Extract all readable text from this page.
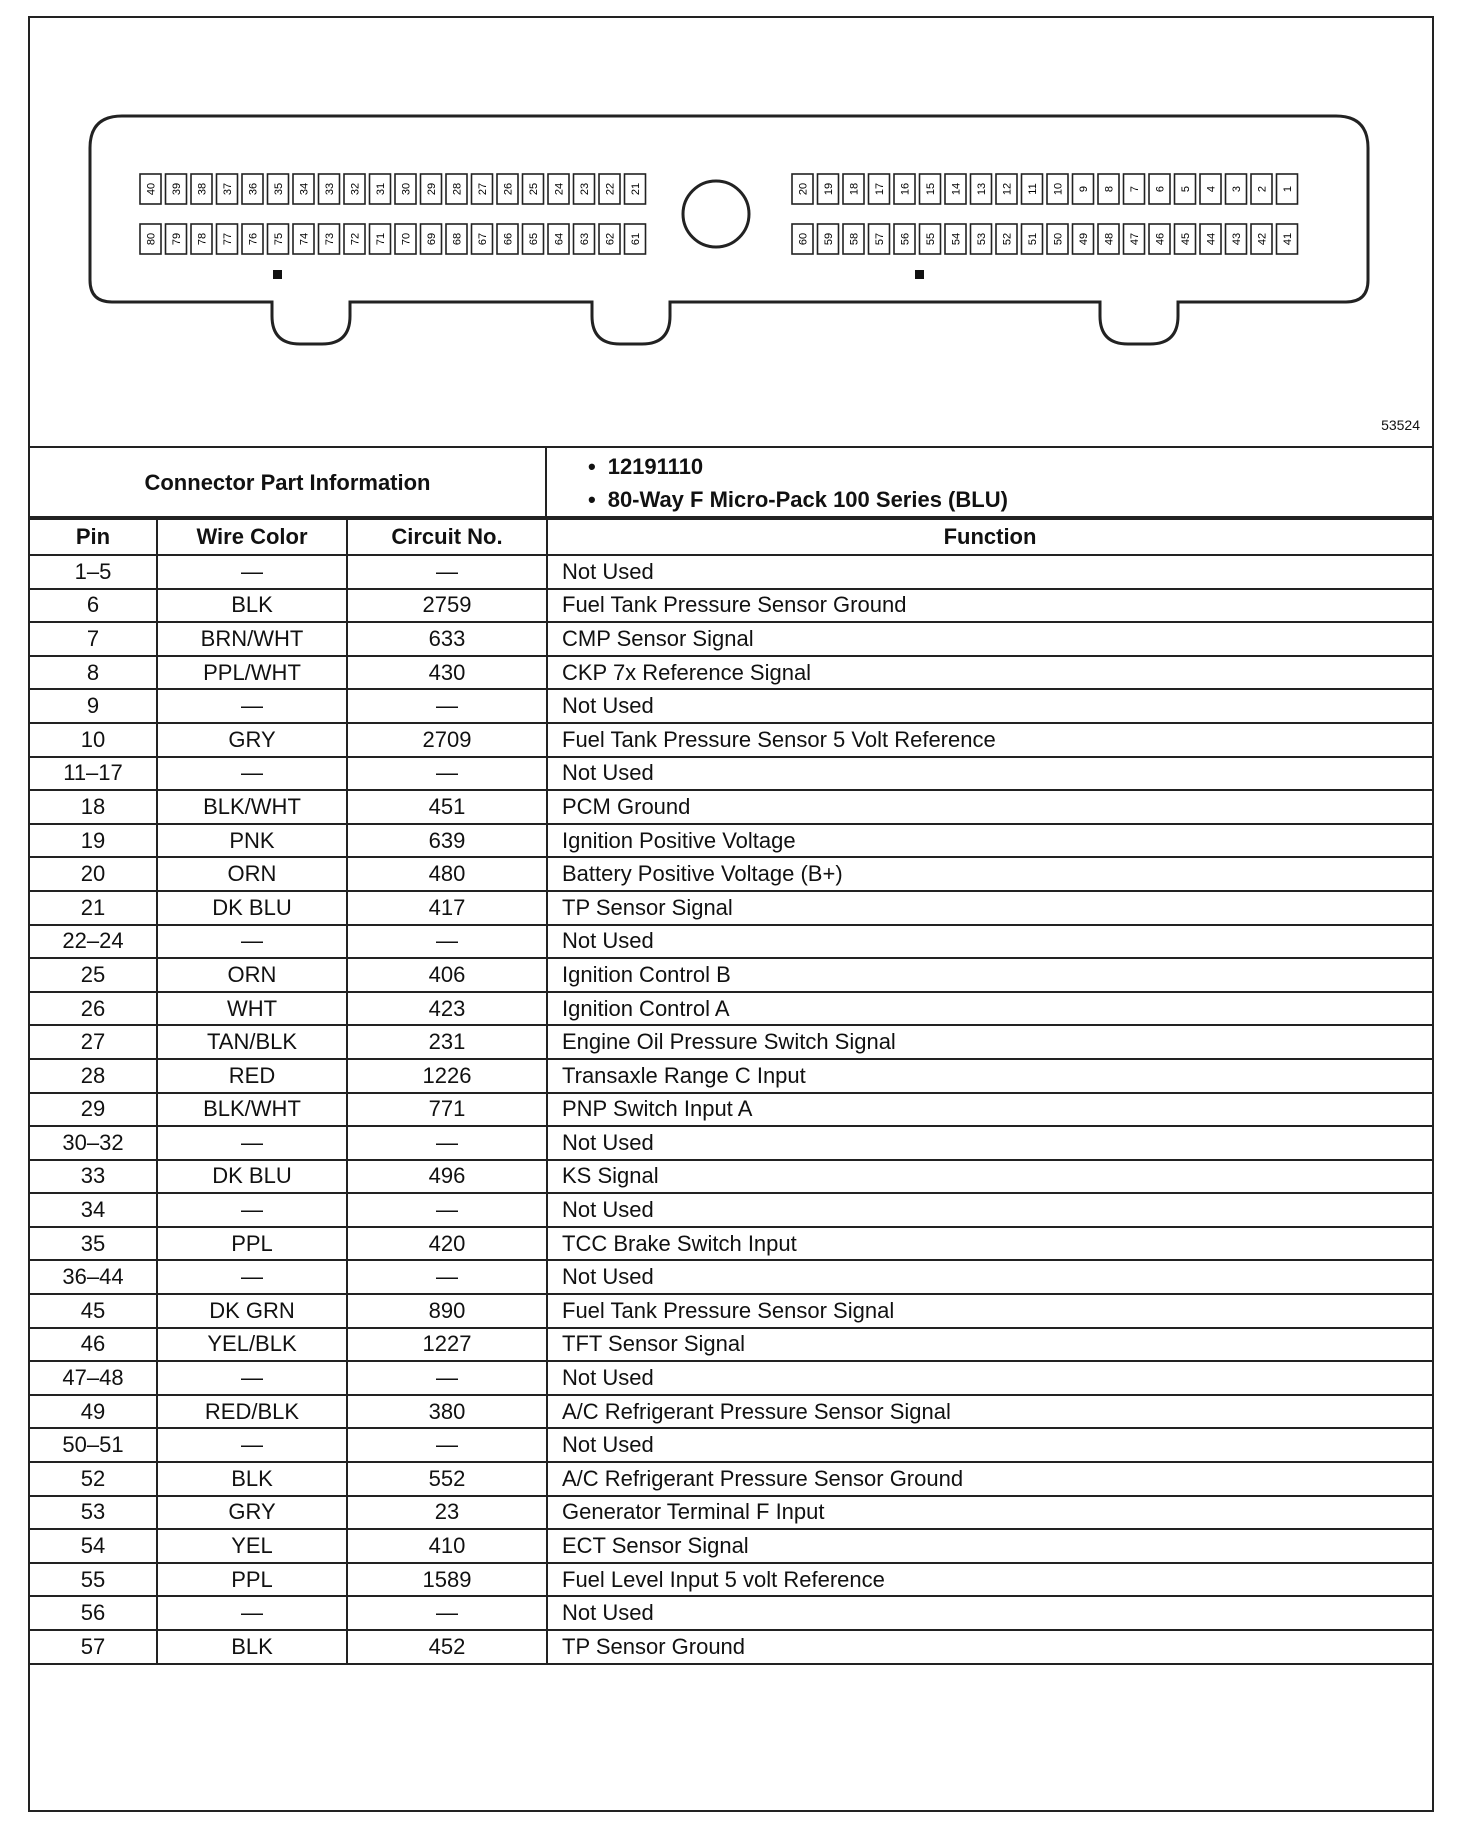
40 39 38 37 36 35 34 33 32 31 30 29 28 27 26 25 24 23 22 21
80 79 78 77 76 75 74 73 72 71 70 69 68 67 66 65 64 63 62 61
20 19 18 17 16 15 14 13 12 11 10 9 8 7 6 5 4 3 2 1
60 59 58 57 56 55 54 53 52 51 50 49 48 47 46 45 44 43 42 41
53524
Connector Part Information
• 12191110
• 80-Way F Micro-Pack 100 Series (BLU)
Pin	Wire Color	Circuit No.	Function
1–5	—	—	Not Used
6	BLK	2759	Fuel Tank Pressure Sensor Ground
7	BRN/WHT	633	CMP Sensor Signal
8	PPL/WHT	430	CKP 7x Reference Signal
9	—	—	Not Used
10	GRY	2709	Fuel Tank Pressure Sensor 5 Volt Reference
11–17	—	—	Not Used
18	BLK/WHT	451	PCM Ground
19	PNK	639	Ignition Positive Voltage
20	ORN	480	Battery Positive Voltage (B+)
21	DK BLU	417	TP Sensor Signal
22–24	—	—	Not Used
25	ORN	406	Ignition Control B
26	WHT	423	Ignition Control A
27	TAN/BLK	231	Engine Oil Pressure Switch Signal
28	RED	1226	Transaxle Range C Input
29	BLK/WHT	771	PNP Switch Input A
30–32	—	—	Not Used
33	DK BLU	496	KS Signal
34	—	—	Not Used
35	PPL	420	TCC Brake Switch Input
36–44	—	—	Not Used
45	DK GRN	890	Fuel Tank Pressure Sensor Signal
46	YEL/BLK	1227	TFT Sensor Signal
47–48	—	—	Not Used
49	RED/BLK	380	A/C Refrigerant Pressure Sensor Signal
50–51	—	—	Not Used
52	BLK	552	A/C Refrigerant Pressure Sensor Ground
53	GRY	23	Generator Terminal F Input
54	YEL	410	ECT Sensor Signal
55	PPL	1589	Fuel Level Input 5 volt Reference
56	—	—	Not Used
57	BLK	452	TP Sensor Ground
